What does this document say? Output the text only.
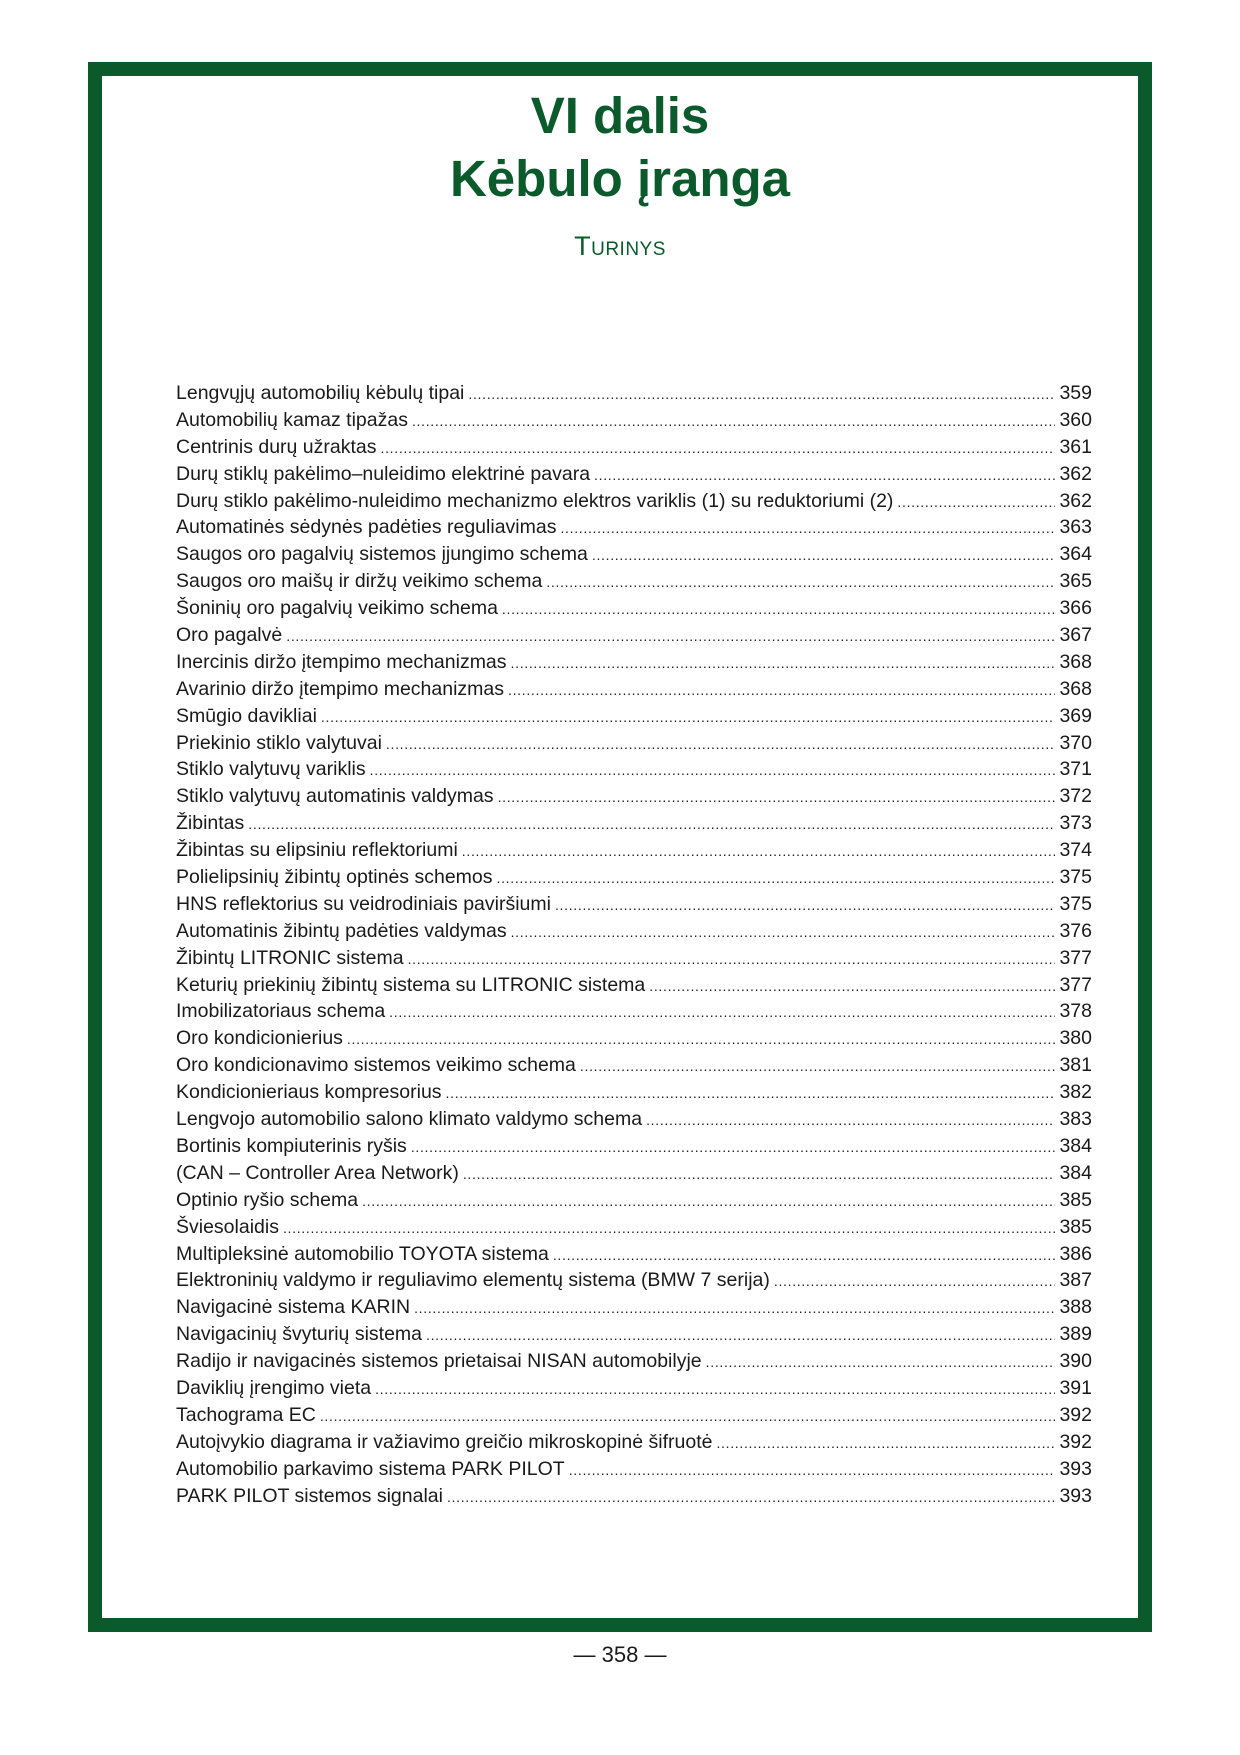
VI dalis
Kėbulo įranga
TURINYS
Lengvųjų automobilių kėbulų tipai . . .	359
Automobilių kamaz tipažas . . .	360
Centrinis durų užraktas . . .	361
Durų stiklų pakėlimo–nuleidimo elektrinė pavara . . .	362
Durų stiklo pakėlimo-nuleidimo mechanizmo elektros variklis (1) su reduktoriumi (2) . . .	362
Automatinės sėdynės padėties reguliavimas . . .	363
Saugos oro pagalvių sistemos įjungimo schema . . .	364
Saugos oro maišų ir diržų veikimo schema . . .	365
Šoninių oro pagalvių veikimo schema . . .	366
Oro pagalvė . . .	367
Inercinis diržo įtempimo mechanizmas . . .	368
Avarinio diržo įtempimo mechanizmas . . .	368
Smūgio davikliai . . .	369
Priekinio stiklo valytuvai . . .	370
Stiklo valytuvų variklis . . .	371
Stiklo valytuvų automatinis valdymas . . .	372
Žibintas . . .	373
Žibintas su elipsiniu reflektoriumi . . .	374
Polielipsinių žibintų optinės schemos . . .	375
HNS reflektorius su veidrodiniais paviršiumi . . .	375
Automatinis žibintų padėties valdymas . . .	376
Žibintų LITRONIC sistema . . .	377
Keturių priekinių žibintų sistema su LITRONIC sistema . . .	377
Imobilizatoriaus schema . . .	378
Oro kondicionierius . . .	380
Oro kondicionavimo sistemos veikimo schema . . .	381
Kondicionieriaus kompresorius . . .	382
Lengvojo automobilio salono klimato valdymo schema . . .	383
Bortinis kompiuterinis ryšis . . .	384
(CAN – Controller Area Network) . . .	384
Optinio ryšio schema . . .	385
Šviesolaidis . . .	385
Multipleksinė automobilio TOYOTA sistema . . .	386
Elektroninių valdymo ir reguliavimo elementų sistema (BMW 7 serija) . . .	387
Navigacinė sistema KARIN . . .	388
Navigacinių švyturių sistema . . .	389
Radijo ir navigacinės sistemos prietaisai NISAN automobilyje . . .	390
Daviklių įrengimo vieta . . .	391
Tachograma EC . . .	392
Autoįvykio diagrama ir važiavimo greičio mikroskopinė šifruotė . . .	392
Automobilio parkavimo sistema PARK PILOT . . .	393
PARK PILOT sistemos signalai . . .	393
— 358 —
